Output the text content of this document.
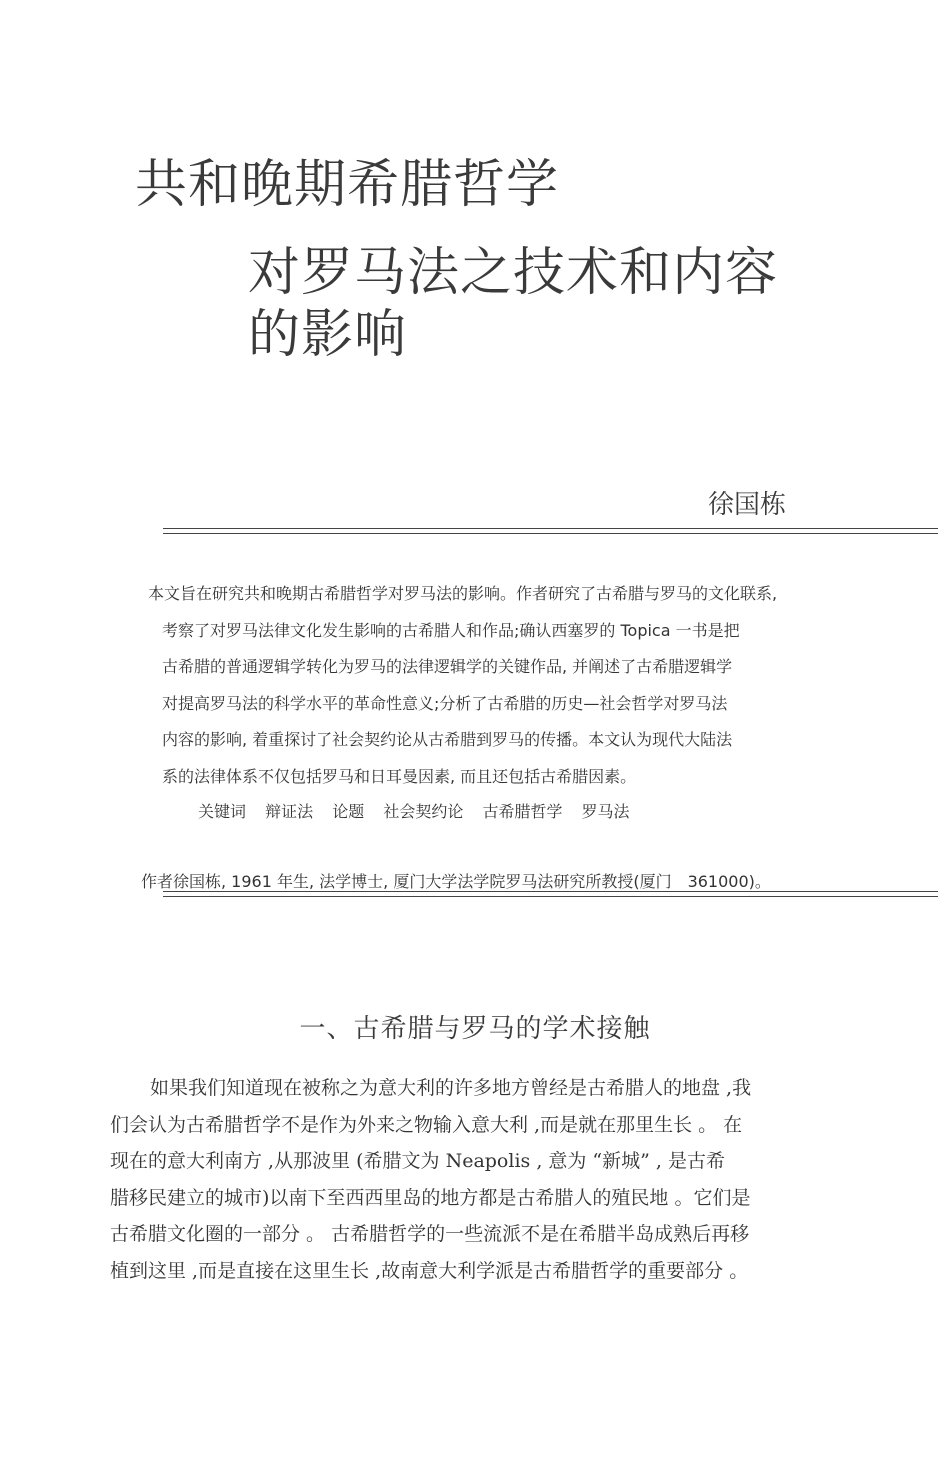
共和晚期希腊哲学
对罗马法之技术和内容的影响
徐国栋
本文旨在研究共和晚期古希腊哲学对罗马法的影响。作者研究了古希腊与罗马的文化联系,
考察了对罗马法律文化发生影响的古希腊人和作品;确认西塞罗的 Topica 一书是把
古希腊的普通逻辑学转化为罗马的法律逻辑学的关键作品, 并阐述了古希腊逻辑学
对提高罗马法的科学水平的革命性意义;分析了古希腊的历史—社会哲学对罗马法
内容的影响, 着重探讨了社会契约论从古希腊到罗马的传播。本文认为现代大陆法
系的法律体系不仅包括罗马和日耳曼因素, 而且还包括古希腊因素。
关键词 辩证法 论题 社会契约论 古希腊哲学 罗马法
作者徐国栋, 1961 年生, 法学博士, 厦门大学法学院罗马法研究所教授(厦门　361000)。
一、古希腊与罗马的学术接触
如果我们知道现在被称之为意大利的许多地方曾经是古希腊人的地盘 ,我
们会认为古希腊哲学不是作为外来之物输入意大利 ,而是就在那里生长 。 在
现在的意大利南方 ,从那波里 (希腊文为 Neapolis , 意为 “新城” , 是古希
腊移民建立的城市)以南下至西西里岛的地方都是古希腊人的殖民地 。它们是
古希腊文化圈的一部分 。 古希腊哲学的一些流派不是在希腊半岛成熟后再移
植到这里 ,而是直接在这里生长 ,故南意大利学派是古希腊哲学的重要部分 。
